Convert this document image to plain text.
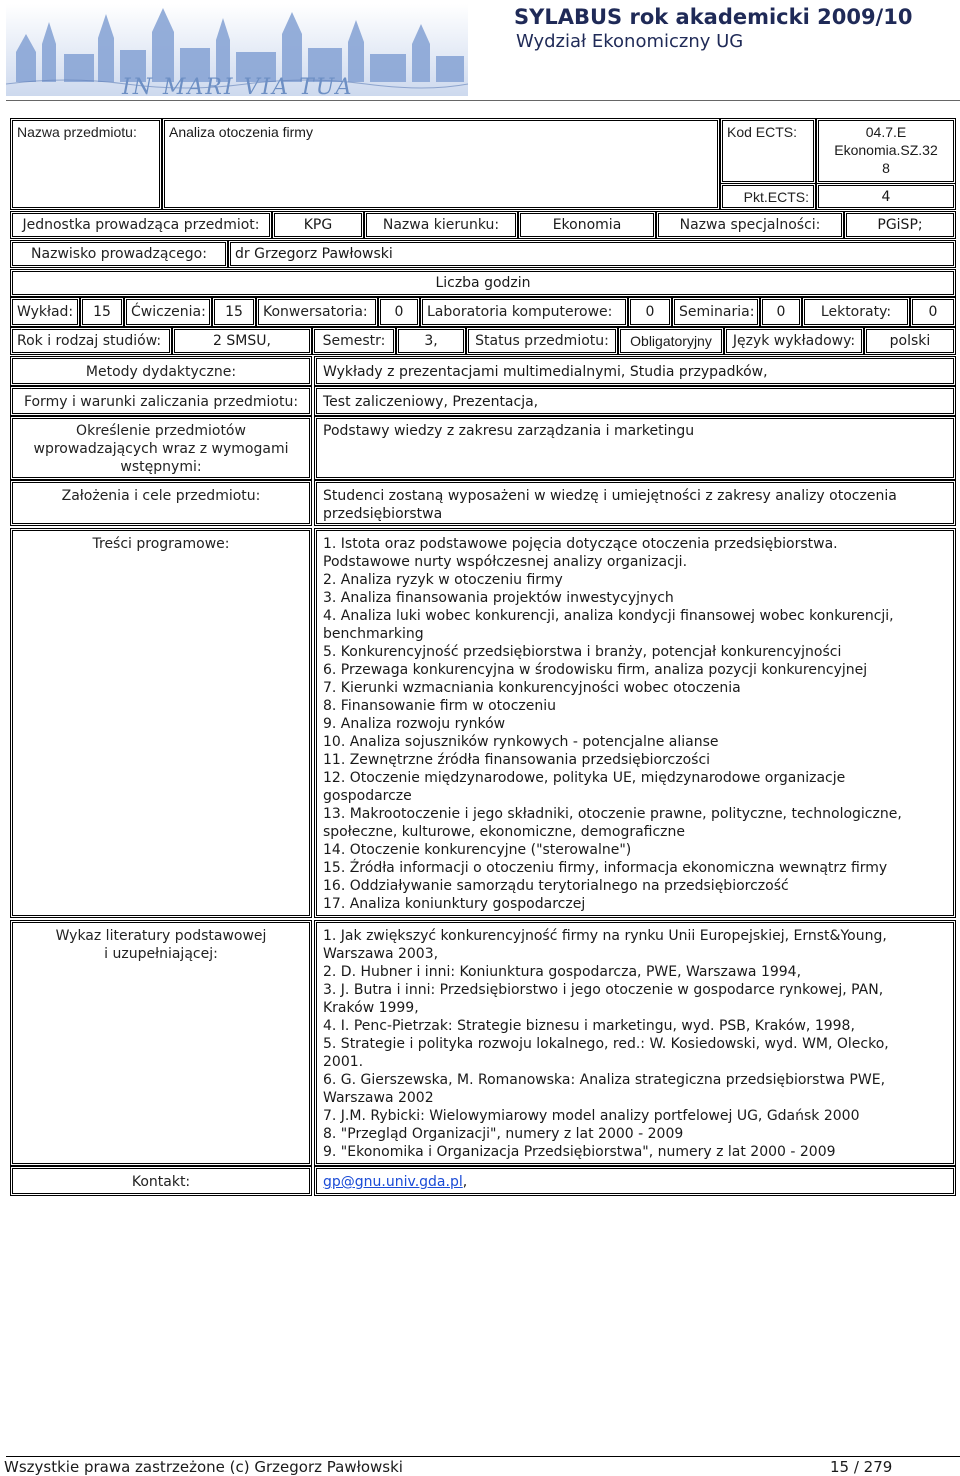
IN MARI VIA TUA
SYLABUS rok akademicki 2009/10
Wydział Ekonomiczny UG
Nazwa przedmiotu:	Analiza otoczenia firmy	Kod ECTS:	04.7.E
Ekonomia.SZ.32
8
Pkt.ECTS:	4
Jednostka prowadząca przedmiot:	KPG	Nazwa kierunku:	Ekonomia	Nazwa specjalności:	PGiSP;
Nazwisko prowadzącego:	dr Grzegorz Pawłowski
Liczba godzin
Wykład:	15	Ćwiczenia:	15	Konwersatoria:	0	Laboratoria komputerowe:	0	Seminaria:	0	Lektoraty:	0
Rok i rodzaj studiów:	2 SMSU,	Semestr:	3,	Status przedmiotu:	Obligatoryjny	Język wykładowy:	polski
Metody dydaktyczne:	Wykłady z prezentacjami multimedialnymi, Studia przypadków,
Formy i warunki zaliczania przedmiotu:	Test zaliczeniowy, Prezentacja,
Określenie przedmiotów
wprowadzających wraz z wymogami
wstępnymi:
Podstawy wiedzy z zakresu zarządzania i marketingu
Założenia i cele przedmiotu:	Studenci zostaną wyposażeni w wiedzę i umiejętności z zakresy analizy otoczenia
przedsiębiorstwa
Treści programowe:	1. Istota oraz podstawowe pojęcia dotyczące otoczenia przedsiębiorstwa.
Podstawowe nurty współczesnej analizy organizacji.
2. Analiza ryzyk w otoczeniu firmy
3. Analiza finansowania projektów inwestycyjnych
4. Analiza luki wobec konkurencji, analiza kondycji finansowej wobec konkurencji,
benchmarking
5. Konkurencyjność przedsiębiorstwa i branży, potencjał konkurencyjności
6. Przewaga konkurencyjna w środowisku firm, analiza pozycji konkurencyjnej
7. Kierunki wzmacniania konkurencyjności wobec otoczenia
8. Finansowanie firm w otoczeniu
9. Analiza rozwoju rynków
10. Analiza sojuszników rynkowych - potencjalne alianse
11. Zewnętrzne źródła finansowania przedsiębiorczości
12. Otoczenie międzynarodowe, polityka UE, międzynarodowe organizacje
gospodarcze
13. Makrootoczenie i jego składniki, otoczenie prawne, polityczne, technologiczne,
społeczne, kulturowe, ekonomiczne, demograficzne
14. Otoczenie konkurencyjne ("sterowalne")
15. Źródła informacji o otoczeniu firmy, informacja ekonomiczna wewnątrz firmy
16. Oddziaływanie samorządu terytorialnego na przedsiębiorczość
17. Analiza koniunktury gospodarczej
Wykaz literatury podstawowej
i uzupełniającej:
1. Jak zwiększyć konkurencyjność firmy na rynku Unii Europejskiej, Ernst&Young,
Warszawa 2003,
2. D. Hubner i inni: Koniunktura gospodarcza, PWE, Warszawa 1994,
3. J. Butra i inni: Przedsiębiorstwo i jego otoczenie w gospodarce rynkowej, PAN,
Kraków 1999,
4. I. Penc-Pietrzak: Strategie biznesu i marketingu, wyd. PSB, Kraków, 1998,
5. Strategie i polityka rozwoju lokalnego, red.: W. Kosiedowski, wyd. WM, Olecko,
2001.
6. G. Gierszewska, M. Romanowska: Analiza strategiczna przedsiębiorstwa PWE,
Warszawa 2002
7. J.M. Rybicki: Wielowymiarowy model analizy portfelowej UG, Gdańsk 2000
8. "Przegląd Organizacji", numery z lat 2000 - 2009
9. "Ekonomika i Organizacja Przedsiębiorstwa", numery z lat 2000 - 2009
Kontakt:	gp@gnu.univ.gda.pl,
Wszystkie prawa zastrzeżone (c) Grzegorz Pawłowski	15 / 279
